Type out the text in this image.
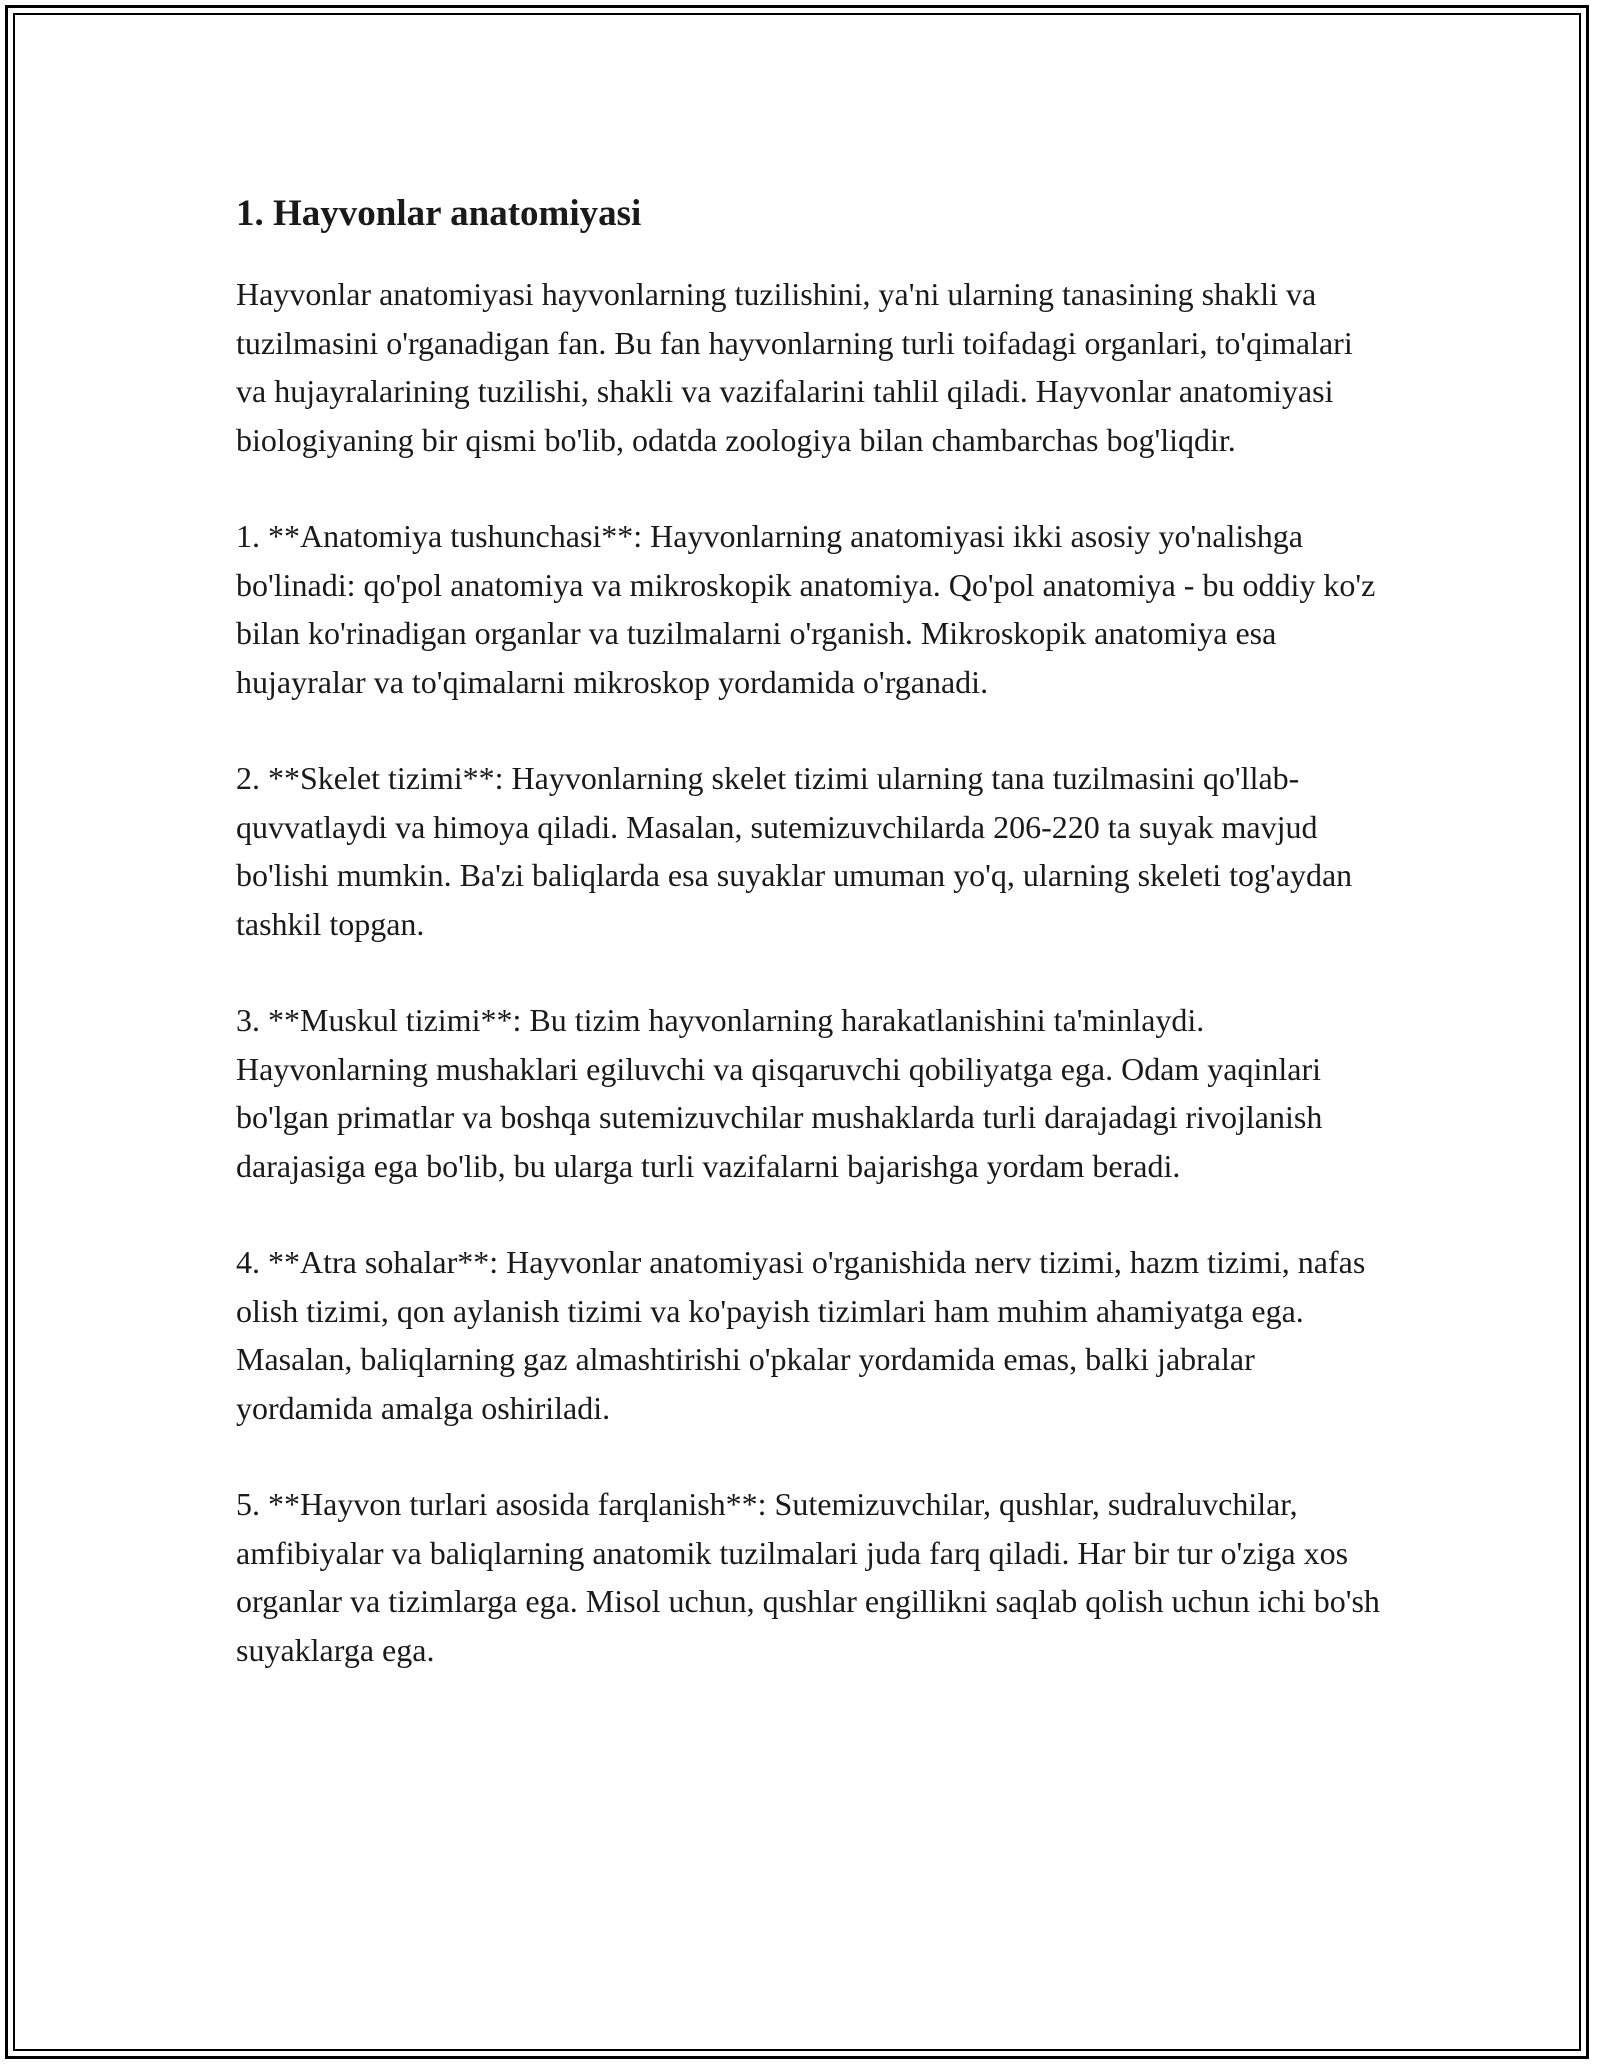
1. Hayvonlar anatomiyasi

Hayvonlar anatomiyasi hayvonlarning tuzilishini, ya'ni ularning tanasining shakli va tuzilmasini o'rganadigan fan. Bu fan hayvonlarning turli toifadagi organlari, to'qimalari va hujayralarining tuzilishi, shakli va vazifalarini tahlil qiladi. Hayvonlar anatomiyasi biologiyaning bir qismi bo'lib, odatda zoologiya bilan chambarchas bog'liqdir.

1. **Anatomiya tushunchasi**: Hayvonlarning anatomiyasi ikki asosiy yo'nalishga bo'linadi: qo'pol anatomiya va mikroskopik anatomiya. Qo'pol anatomiya - bu oddiy ko'z bilan ko'rinadigan organlar va tuzilmalarni o'rganish. Mikroskopik anatomiya esa hujayralar va to'qimalarni mikroskop yordamida o'rganadi.

2. **Skelet tizimi**: Hayvonlarning skelet tizimi ularning tana tuzilmasini qo'llab-quvvatlaydi va himoya qiladi. Masalan, sutemizuvchilarda 206-220 ta suyak mavjud bo'lishi mumkin. Ba'zi baliqlarda esa suyaklar umuman yo'q, ularning skeleti tog'aydan tashkil topgan.

3. **Muskul tizimi**: Bu tizim hayvonlarning harakatlanishini ta'minlaydi. Hayvonlarning mushaklari egiluvchi va qisqaruvchi qobiliyatga ega. Odam yaqinlari bo'lgan primatlar va boshqa sutemizuvchilar mushaklarda turli darajadagi rivojlanish darajasiga ega bo'lib, bu ularga turli vazifalarni bajarishga yordam beradi.

4. **Atra sohalar**: Hayvonlar anatomiyasi o'rganishida nerv tizimi, hazm tizimi, nafas olish tizimi, qon aylanish tizimi va ko'payish tizimlari ham muhim ahamiyatga ega. Masalan, baliqlarning gaz almashtirishi o'pkalar yordamida emas, balki jabralar yordamida amalga oshiriladi.

5. **Hayvon turlari asosida farqlanish**: Sutemizuvchilar, qushlar, sudraluvchilar, amfibiyalar va baliqlarning anatomik tuzilmalari juda farq qiladi. Har bir tur o'ziga xos organlar va tizimlarga ega. Misol uchun, qushlar engillikni saqlab qolish uchun ichi bo'sh suyaklarga ega.
